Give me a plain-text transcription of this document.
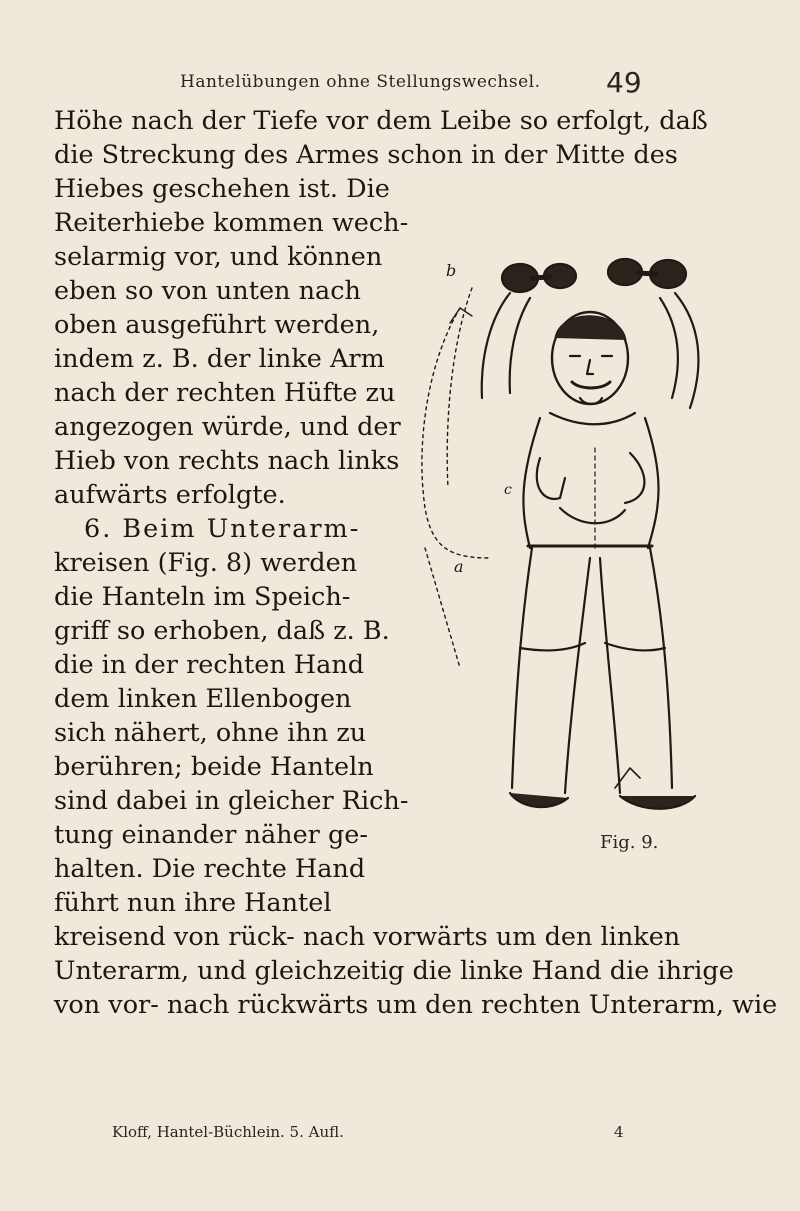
Hantelübungen ohne Stellungswechsel.	49
Höhe nach der Tiefe vor dem Leibe so erfolgt, daß
die Streckung des Armes schon in der Mitte des
Hiebes geschehen ist. Die
Reiterhiebe kommen wech-
selarmig vor, und können
eben so von unten nach
oben ausgeführt werden,
indem z. B. der linke Arm
nach der rechten Hüfte zu
angezogen würde, und der
Hieb von rechts nach links
aufwärts erfolgte.
6. Beim Unterarm-
kreisen (Fig. 8) werden
die Hanteln im Speich-
griff so erhoben, daß z. B.
die in der rechten Hand
dem linken Ellenbogen
sich nähert, ohne ihn zu
berühren; beide Hanteln
sind dabei in gleicher Rich-
tung einander näher ge-
halten. Die rechte Hand
führt nun ihre Hantel
kreisend von rück- nach vorwärts um den linken
Unterarm, und gleichzeitig die linke Hand die ihrige
von vor- nach rückwärts um den rechten Unterarm, wie
b
c
a
Fig. 9.
Kloff, Hantel-Büchlein. 5. Aufl.	4
